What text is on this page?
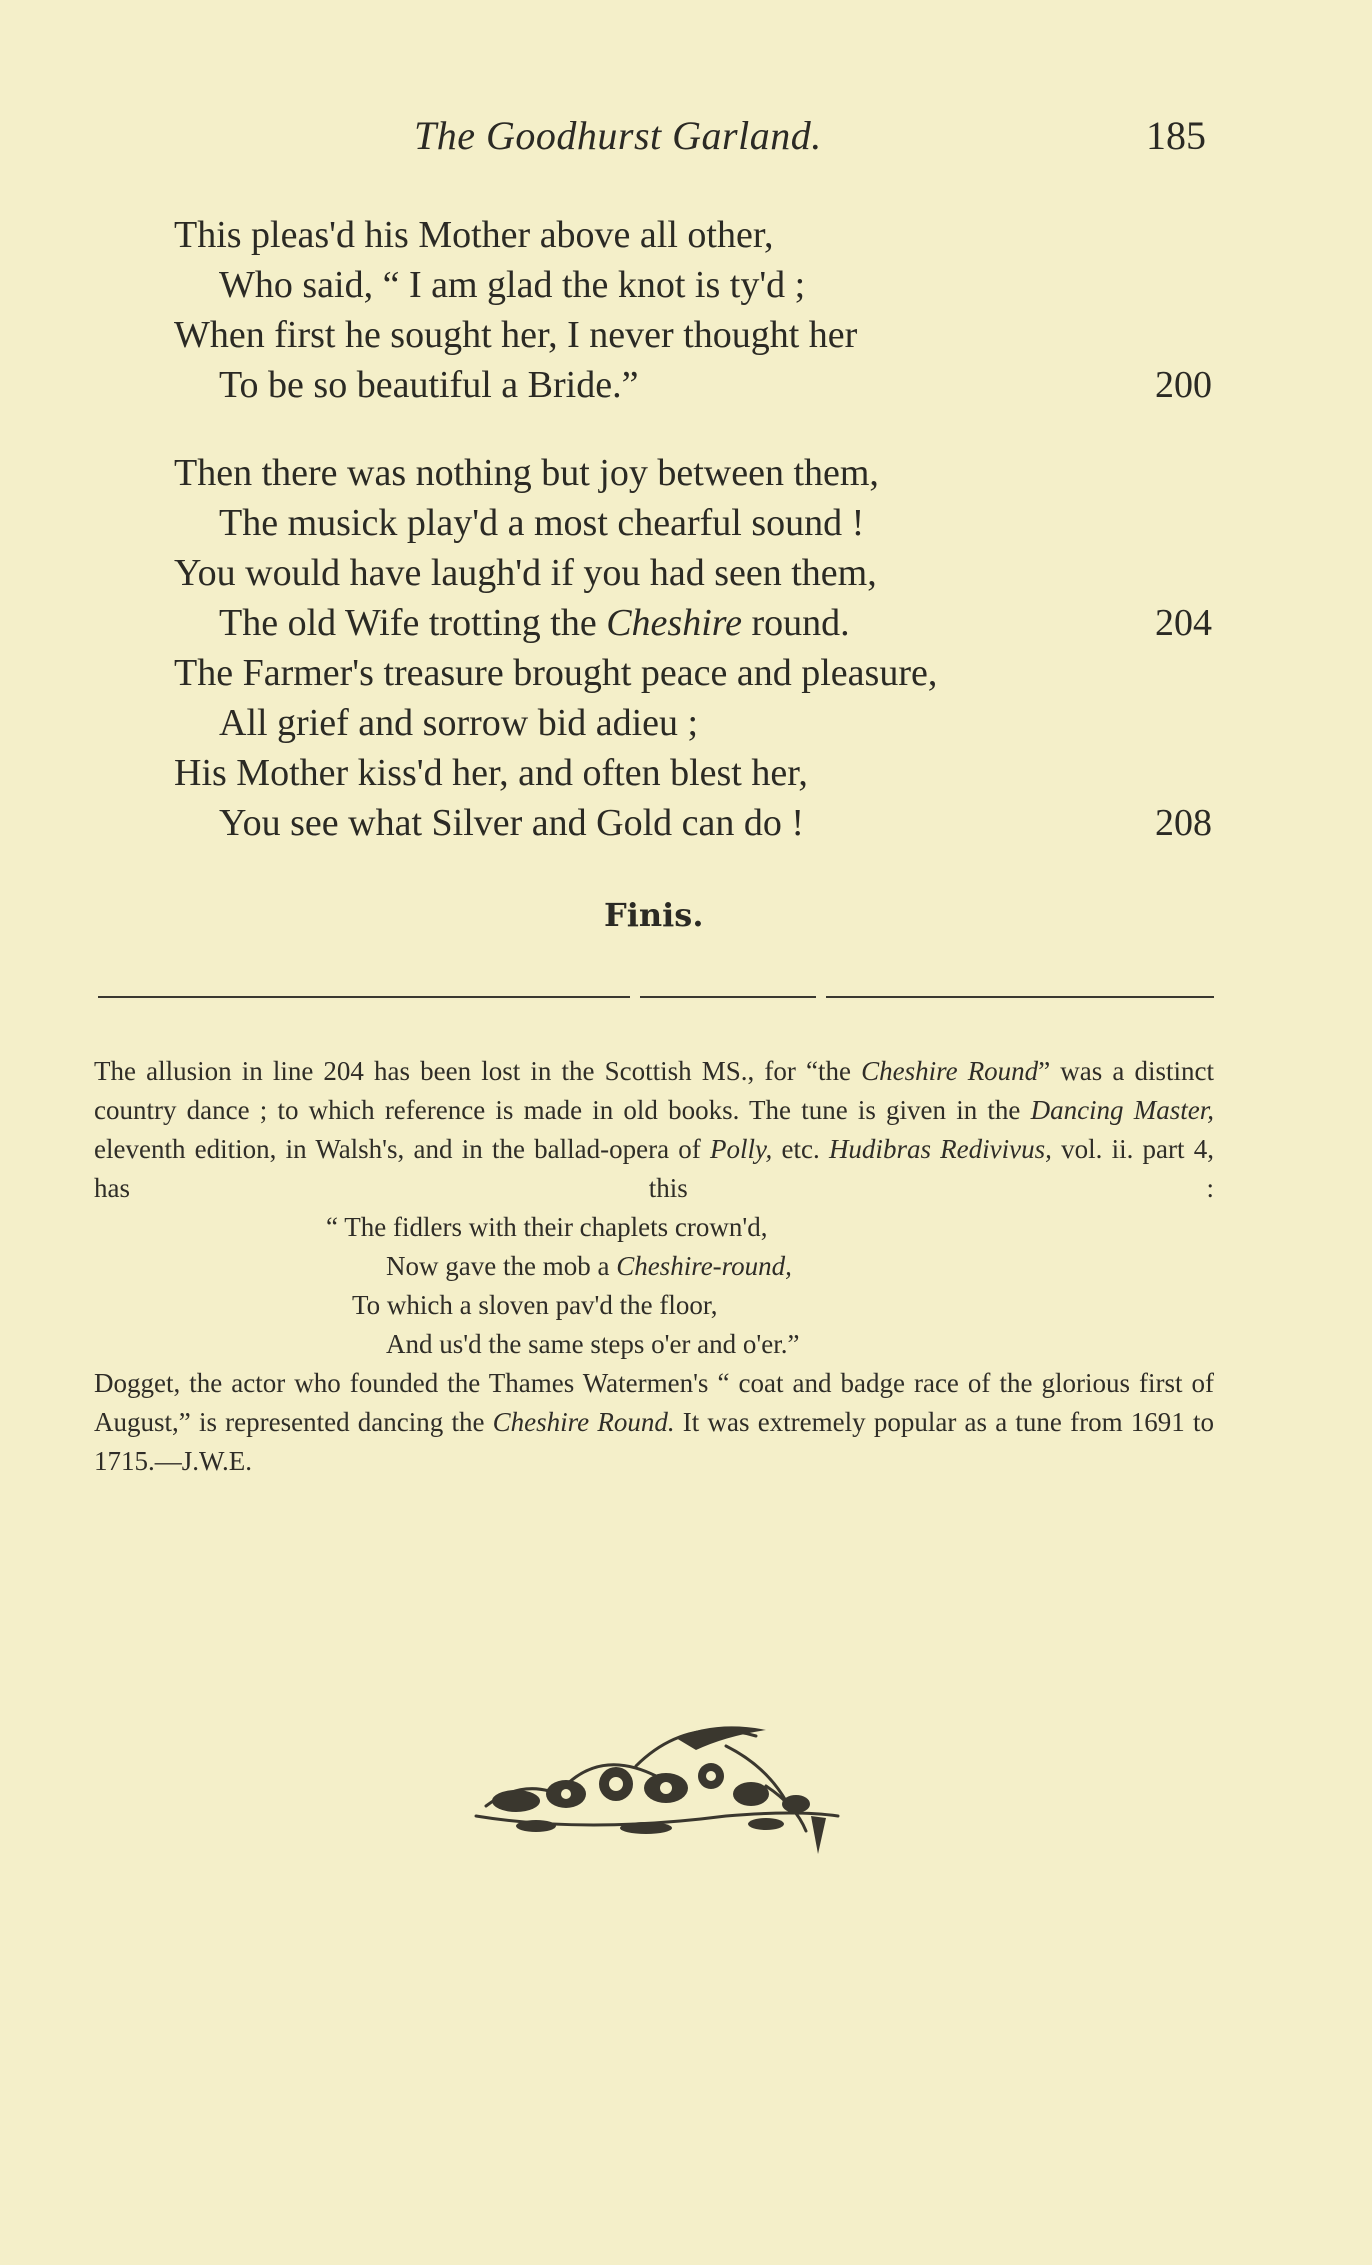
The Goodhurst Garland.	185
This pleas'd his Mother above all other,
Who said, “ I am glad the knot is ty'd ;
When first he sought her, I never thought her
To be so beautiful a Bride.”	200
Then there was nothing but joy between them,
The musick play'd a most chearful sound !
You would have laugh'd if you had seen them,
The old Wife trotting the Cheshire round.	204
The Farmer's treasure brought peace and pleasure,
All grief and sorrow bid adieu ;
His Mother kiss'd her, and often blest her,
You see what Silver and Gold can do !	208
Finis.

The allusion in line 204 has been lost in the Scottish MS., for “the Cheshire Round” was a distinct country dance ; to which reference is made in old books. The tune is given in the Dancing Master, eleventh edition, in Walsh's, and in the ballad-opera of Polly, etc. Hudibras Redivivus, vol. ii. part 4, has this :

“ The fidlers with their chaplets crown'd,
Now gave the mob a Cheshire-round,
To which a sloven pav'd the floor,
And us'd the same steps o'er and o'er.”

Dogget, the actor who founded the Thames Watermen's “ coat and badge race of the glorious first of August,” is represented dancing the Cheshire Round. It was extremely popular as a tune from 1691 to 1715.—J.W.E.
